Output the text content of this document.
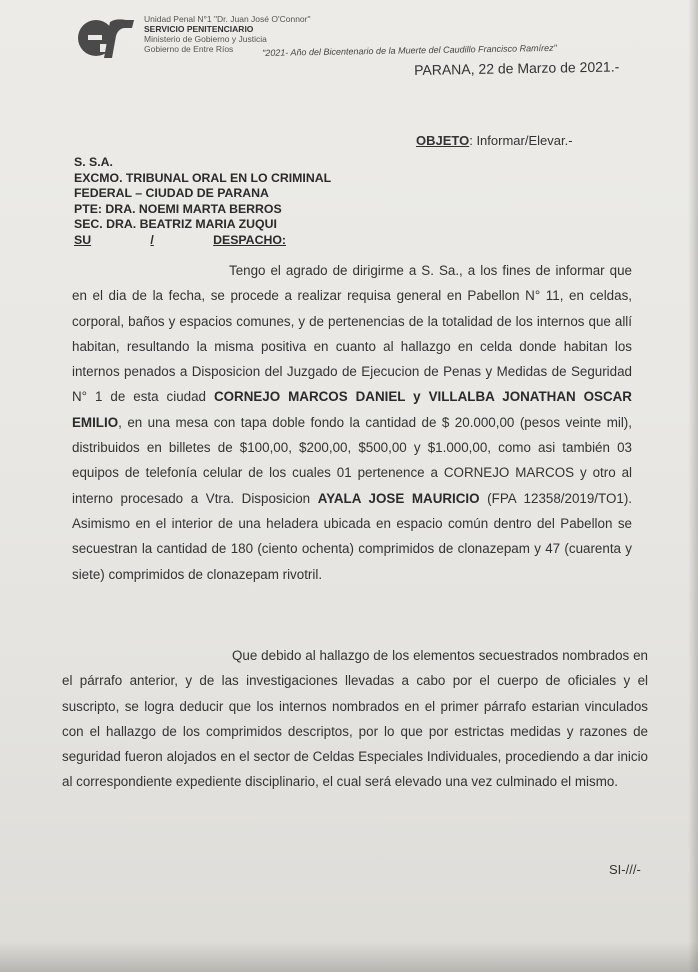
Unidad Penal N°1 "Dr. Juan José O'Connor"
SERVICIO PENITENCIARIO
Ministerio de Gobierno y Justicia
Gobierno de Entre Ríos	"2021- Año del Bicentenario de la Muerte del Caudillo Francisco Ramírez"
PARANA, 22 de Marzo de 2021.-
OBJETO: Informar/Elevar.-
S. S.A.
EXCMO. TRIBUNAL ORAL EN LO CRIMINAL
FEDERAL – CIUDAD DE PARANA
PTE: DRA. NOEMI MARTA BERROS
SEC. DRA. BEATRIZ MARIA ZUQUI
SU	/	DESPACHO:
Tengo el agrado de dirigirme a S. Sa., a los fines de informar que en el dia de la fecha, se procede a realizar requisa general en Pabellon N° 11, en celdas, corporal, baños y espacios comunes, y de pertenencias de la totalidad de los internos que allí habitan, resultando la misma positiva en cuanto al hallazgo en celda donde habitan los internos penados a Disposicion del Juzgado de Ejecucion de Penas y Medidas de Seguridad N° 1 de esta ciudad CORNEJO MARCOS DANIEL y VILLALBA JONATHAN OSCAR EMILIO, en una mesa con tapa doble fondo la cantidad de $ 20.000,00 (pesos veinte mil), distribuidos en billetes de $100,00, $200,00, $500,00 y $1.000,00, como asi también 03 equipos de telefonía celular de los cuales 01 pertenence a CORNEJO MARCOS y otro al interno procesado a Vtra. Disposicion AYALA JOSE MAURICIO (FPA 12358/2019/TO1). Asimismo en el interior de una heladera ubicada en espacio común dentro del Pabellon se secuestran la cantidad de 180 (ciento ochenta) comprimidos de clonazepam y 47 (cuarenta y siete) comprimidos de clonazepam rivotril.
Que debido al hallazgo de los elementos secuestrados nombrados en el párrafo anterior, y de las investigaciones llevadas a cabo por el cuerpo de oficiales y el suscripto, se logra deducir que los internos nombrados en el primer párrafo estarian vinculados con el hallazgo de los comprimidos descriptos, por lo que por estrictas medidas y razones de seguridad fueron alojados en el sector de Celdas Especiales Individuales, procediendo a dar inicio al correspondiente expediente disciplinario, el cual será elevado una vez culminado el mismo.
SI-///-
